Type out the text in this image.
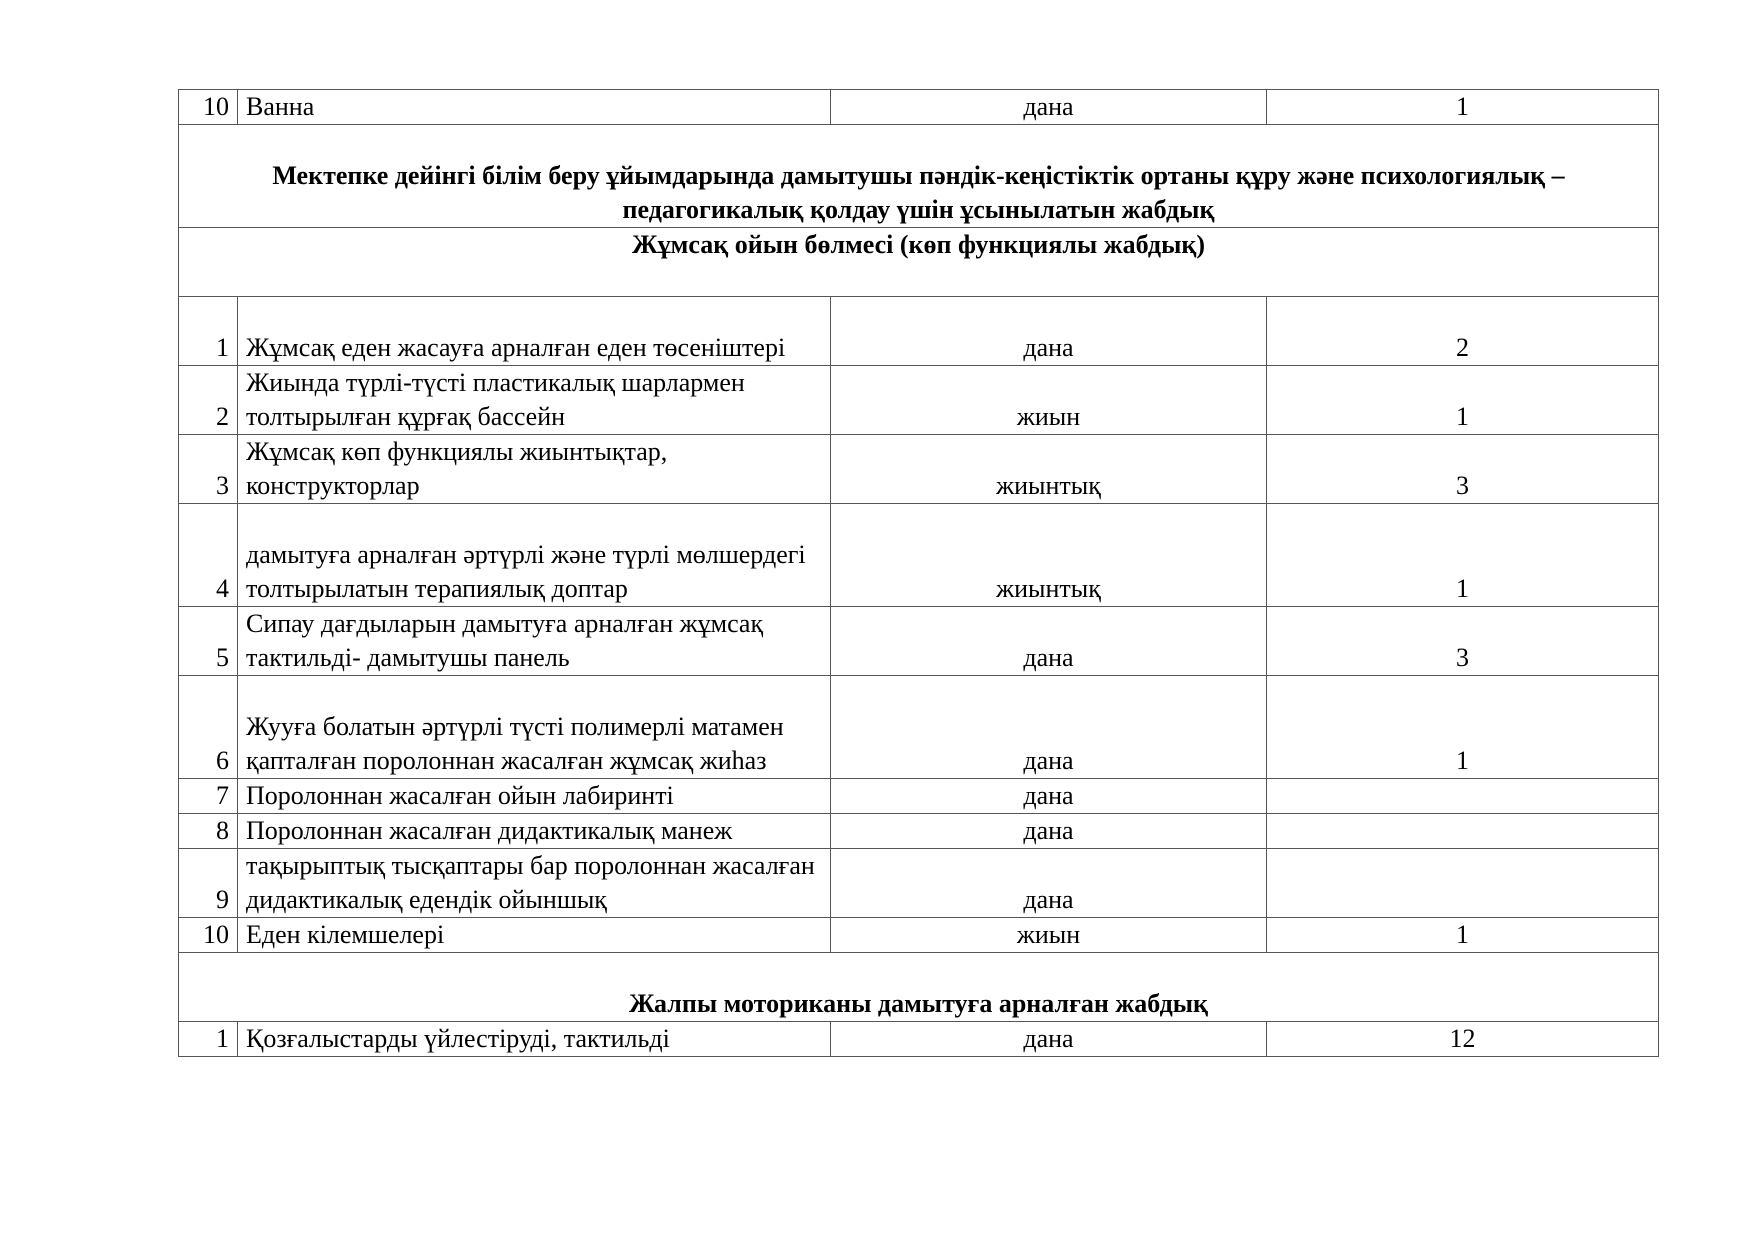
10	Ванна	дана	1
Мектепке дейінгі білім беру ұйымдарында дамытушы пәндік-кеңістіктік ортаны құру және психологиялық –педагогикалық қолдау үшін ұсынылатын жабдық			
Жұмсақ ойын бөлмесі (көп функциялы жабдық)			
1	Жұмсақ еден жасауға арналған еден төсеніштері	дана	2
2	Жиында түрлі-түсті пластикалық шарлармен толтырылған құрғақ бассейн	жиын	1
3	Жұмсақ көп функциялы жиынтықтар, конструкторлар	жиынтық	3
4	дамытуға арналған әртүрлі және түрлі мөлшердегі толтырылатын терапиялық доптар	жиынтық	1
5	Сипау дағдыларын дамытуға арналған жұмсақ тактильді- дамытушы панель	дана	3
6	Жууға болатын әртүрлі түсті полимерлі матамен қапталған поролоннан жасалған жұмсақ жиhаз	дана	1
7	Поролоннан жасалған ойын лабиринті	дана	
8	Поролоннан жасалған дидактикалық манеж	дана	
9	тақырыптық тысқаптары бар поролоннан жасалған дидактикалық едендік ойыншық	дана	
10	Еден кілемшелері	жиын	1
Жалпы моториканы дамытуға арналған жабдық			
1	Қозғалыстарды үйлестіруді, тактильді	дана	12
